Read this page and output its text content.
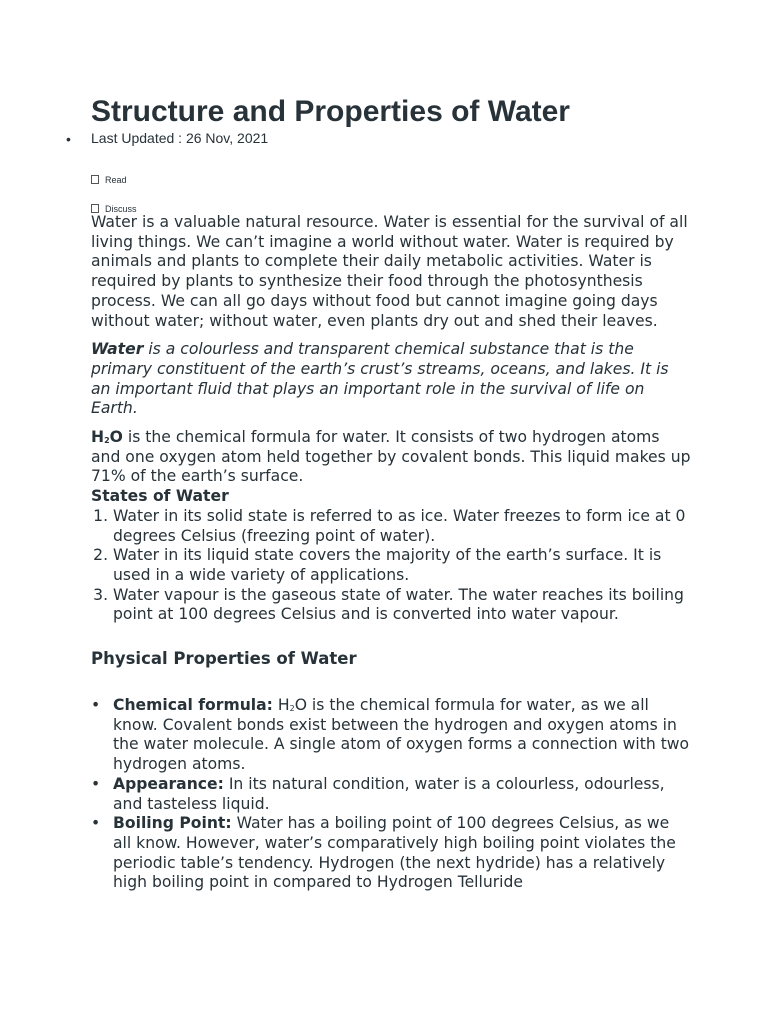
Structure and Properties of Water
• Last Updated : 26 Nov, 2021
Read
Discuss

Water is a valuable natural resource. Water is essential for the survival of all living things. We can’t imagine a world without water. Water is required by animals and plants to complete their daily metabolic activities. Water is required by plants to synthesize their food through the photosynthesis process. We can all go days without food but cannot imagine going days without water; without water, even plants dry out and shed their leaves.

Water is a colourless and transparent chemical substance that is the primary constituent of the earth’s crust’s streams, oceans, and lakes. It is an important fluid that plays an important role in the survival of life on Earth.

$H_2O$ is the chemical formula for water. It consists of two hydrogen atoms and one oxygen atom held together by covalent bonds. This liquid makes up 71% of the earth’s surface.

States of Water

1. Water in its solid state is referred to as ice. Water freezes to form ice at 0 degrees Celsius (freezing point of water).
2. Water in its liquid state covers the majority of the earth’s surface. It is used in a wide variety of applications.
3. Water vapour is the gaseous state of water. The water reaches its boiling point at 100 degrees Celsius and is converted into water vapour.
Physical Properties of Water
• Chemical formula: $H_2O$ is the chemical formula for water, as we all know. Covalent bonds exist between the hydrogen and oxygen atoms in the water molecule. A single atom of oxygen forms a connection with two hydrogen atoms.
• Appearance: In its natural condition, water is a colourless, odourless, and tasteless liquid.
• Boiling Point: Water has a boiling point of 100 degrees Celsius, as we all know. However, water’s comparatively high boiling point violates the periodic table’s tendency. Hydrogen (the next hydride) has a relatively high boiling point in compared to Hydrogen Telluride
